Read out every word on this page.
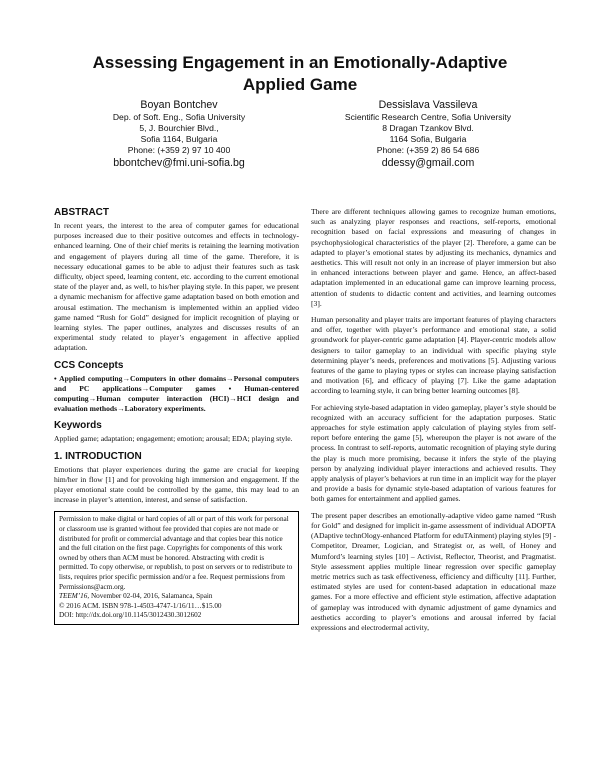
Assessing Engagement in an Emotionally-Adaptive Applied Game
Boyan Bontchev
Dep. of Soft. Eng., Sofia University
5, J. Bourchier Blvd.,
Sofia 1164, Bulgaria
Phone: (+359 2) 97 10 400
bbontchev@fmi.uni-sofia.bg
Dessislava Vassileva
Scientific Research Centre, Sofia University
8 Dragan Tzankov Blvd.
1164 Sofia, Bulgaria
Phone: (+359 2) 86 54 686
ddessy@gmail.com
ABSTRACT

In recent years, the interest to the area of computer games for educational purposes increased due to their positive outcomes and effects in technology-enhanced learning. One of their chief merits is retaining the learning motivation and engagement of players during all time of the game. Therefore, it is necessary educational games to be able to adjust their features such as task difficulty, object speed, learning content, etc. according to the current emotional state of the player and, as well, to his/her playing style. In this paper, we present a dynamic mechanism for affective game adaptation based on both emotion and arousal estimation. The mechanism is implemented within an applied video game named “Rush for Gold” designed for implicit recognition of playing or learning styles. The paper outlines, analyzes and discusses results of an experimental study related to player’s engagement in affective applied adaptation.

CCS Concepts

• Applied computing→Computers in other domains→Personal computers and PC applications→Computer games • Human-centered computing→Human computer interaction (HCI)→HCI design and evaluation methods→Laboratory experiments.

Keywords

Applied game; adaptation; engagement; emotion; arousal; EDA; playing style.

1. INTRODUCTION

Emotions that player experiences during the game are crucial for keeping him/her in flow [1] and for provoking high immersion and engagement. If the player emotional state could be controlled by the game, this may lead to an increase in player’s attention, interest, and sense of satisfaction.

Permission to make digital or hard copies of all or part of this work for personal or classroom use is granted without fee provided that copies are not made or distributed for profit or commercial advantage and that copies bear this notice and the full citation on the first page. Copyrights for components of this work owned by others than ACM must be honored. Abstracting with credit is permitted. To copy otherwise, or republish, to post on servers or to redistribute to lists, requires prior specific permission and/or a fee. Request permissions from Permissions@acm.org.
TEEM’16, November 02-04, 2016, Salamanca, Spain
© 2016 ACM. ISBN 978-1-4503-4747-1/16/11…$15.00
DOI: http://dx.doi.org/10.1145/3012430.3012602

There are different techniques allowing games to recognize human emotions, such as analyzing player responses and reactions, self-reports, emotional recognition based on facial expressions and measuring of changes in psychophysiological characteristics of the player [2]. Therefore, a game can be adapted to player’s emotional states by adjusting its mechanics, dynamics and aesthetics. This will result not only in an increase of player immersion but also in enhanced interactions between player and game. Hence, an affect-based adaptation implemented in an educational game can improve learning process, attention of students to didactic content and activities, and learning outcomes [3].

Human personality and player traits are important features of playing characters and offer, together with player’s performance and emotional state, a solid groundwork for player-centric game adaptation [4]. Player-centric models allow designers to tailor gameplay to an individual with specific playing style determining player’s needs, preferences and motivations [5]. Adjusting various features of the game to playing types or styles can increase playing satisfaction and motivation [6], and efficacy of playing [7]. Like the game adaptation according to learning style, it can bring better learning outcomes [8].

For achieving style-based adaptation in video gameplay, player’s style should be recognized with an accuracy sufficient for the adaptation purposes. Static approaches for style estimation apply calculation of playing styles from self-report before entering the game [5], whereupon the player is not aware of the process. In contrast to self-reports, automatic recognition of playing style during the play is much more promising, because it infers the style of the playing person by analyzing individual player interactions and achieved results. They apply analysis of player’s behaviors at run time in an implicit way for the player and provide a basis for dynamic style-based adaptation of various features for both games for entertainment and applied games.

The present paper describes an emotionally-adaptive video game named “Rush for Gold” and designed for implicit in-game assessment of individual ADOPTA (ADaptive technOlogy-enhanced Platform for eduTAinment) playing styles [9] - Competitor, Dreamer, Logician, and Strategist or, as well, of Honey and Mumford’s learning styles [10] – Activist, Reflector, Theorist, and Pragmatist. Style assessment applies multiple linear regression over specific gameplay metric metrics such as task effectiveness, efficiency and difficulty [11]. Further, estimated styles are used for content-based adaptation in educational maze games. For a more effective and efficient style estimation, affective adaptation of gameplay was introduced with dynamic adjustment of game dynamics and aesthetics according to player’s emotions and arousal inferred by facial expressions and electrodermal activity,
